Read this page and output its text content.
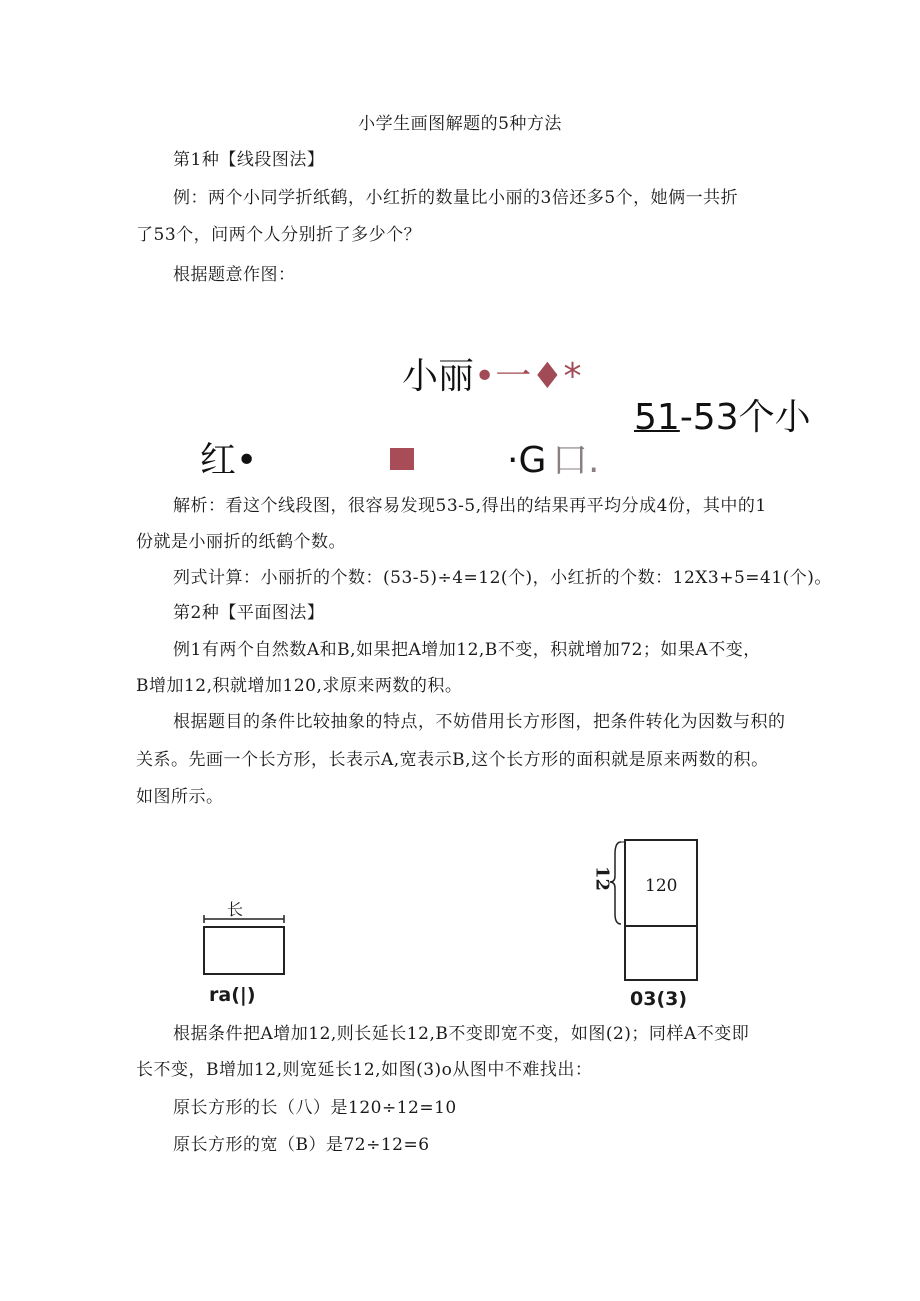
小学生画图解题的5种方法
第1种【线段图法】
例：两个小同学折纸鹤，小红折的数量比小丽的3倍还多5个，她俩一共折
了53个，问两个人分别折了多少个？
根据题意作图：
小丽•一♦*
51-53个小
红•	·G 口.
解析：看这个线段图，很容易发现53-5,得出的结果再平均分成4份，其中的1
份就是小丽折的纸鹤个数。
列式计算：小丽折的个数：(53-5)÷4=12(个)，小红折的个数：12X3+5=41(个)。
第2种【平面图法】
例1有两个自然数A和B,如果把A增加12,B不变，积就增加72；如果A不变，
B增加12,积就增加120,求原来两数的积。
根据题目的条件比较抽象的特点，不妨借用长方形图，把条件转化为因数与积的
关系。先画一个长方形，长表示A,宽表示B,这个长方形的面积就是原来两数的积。
如图所示。
长
ra(|)
12 120
03(3)
根据条件把A增加12,则长延长12,B不变即宽不变，如图(2)；同样A不变即
长不变，B增加12,则宽延长12,如图(3)o从图中不难找出：
原长方形的长（八）是120÷12=10
原长方形的宽（B）是72÷12=6
